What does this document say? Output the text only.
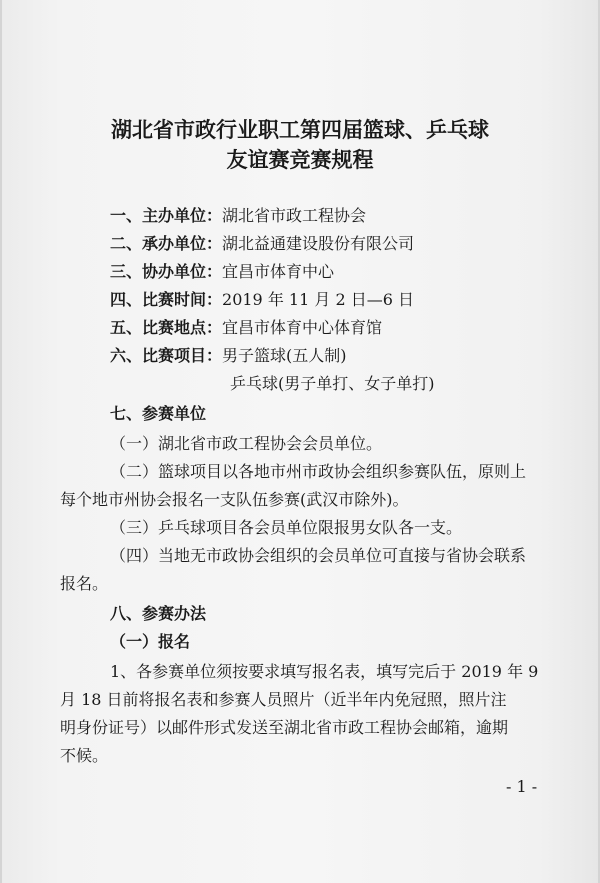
湖北省市政行业职工第四届篮球、乒乓球
友谊赛竞赛规程
一、主办单位：湖北省市政工程协会
二、承办单位：湖北益通建设股份有限公司
三、协办单位：宜昌市体育中心
四、比赛时间：2019 年 11 月 2 日—6 日
五、比赛地点：宜昌市体育中心体育馆
六、比赛项目：男子篮球(五人制)
乒乓球(男子单打、女子单打)
七、参赛单位
（一）湖北省市政工程协会会员单位。
（二）篮球项目以各地市州市政协会组织参赛队伍，原则上
每个地市州协会报名一支队伍参赛(武汉市除外)。
（三）乒乓球项目各会员单位限报男女队各一支。
（四）当地无市政协会组织的会员单位可直接与省协会联系
报名。
八、参赛办法
（一）报名
1、各参赛单位须按要求填写报名表，填写完后于 2019 年 9
月 18 日前将报名表和参赛人员照片（近半年内免冠照，照片注
明身份证号）以邮件形式发送至湖北省市政工程协会邮箱，逾期
不候。
- 1 -
